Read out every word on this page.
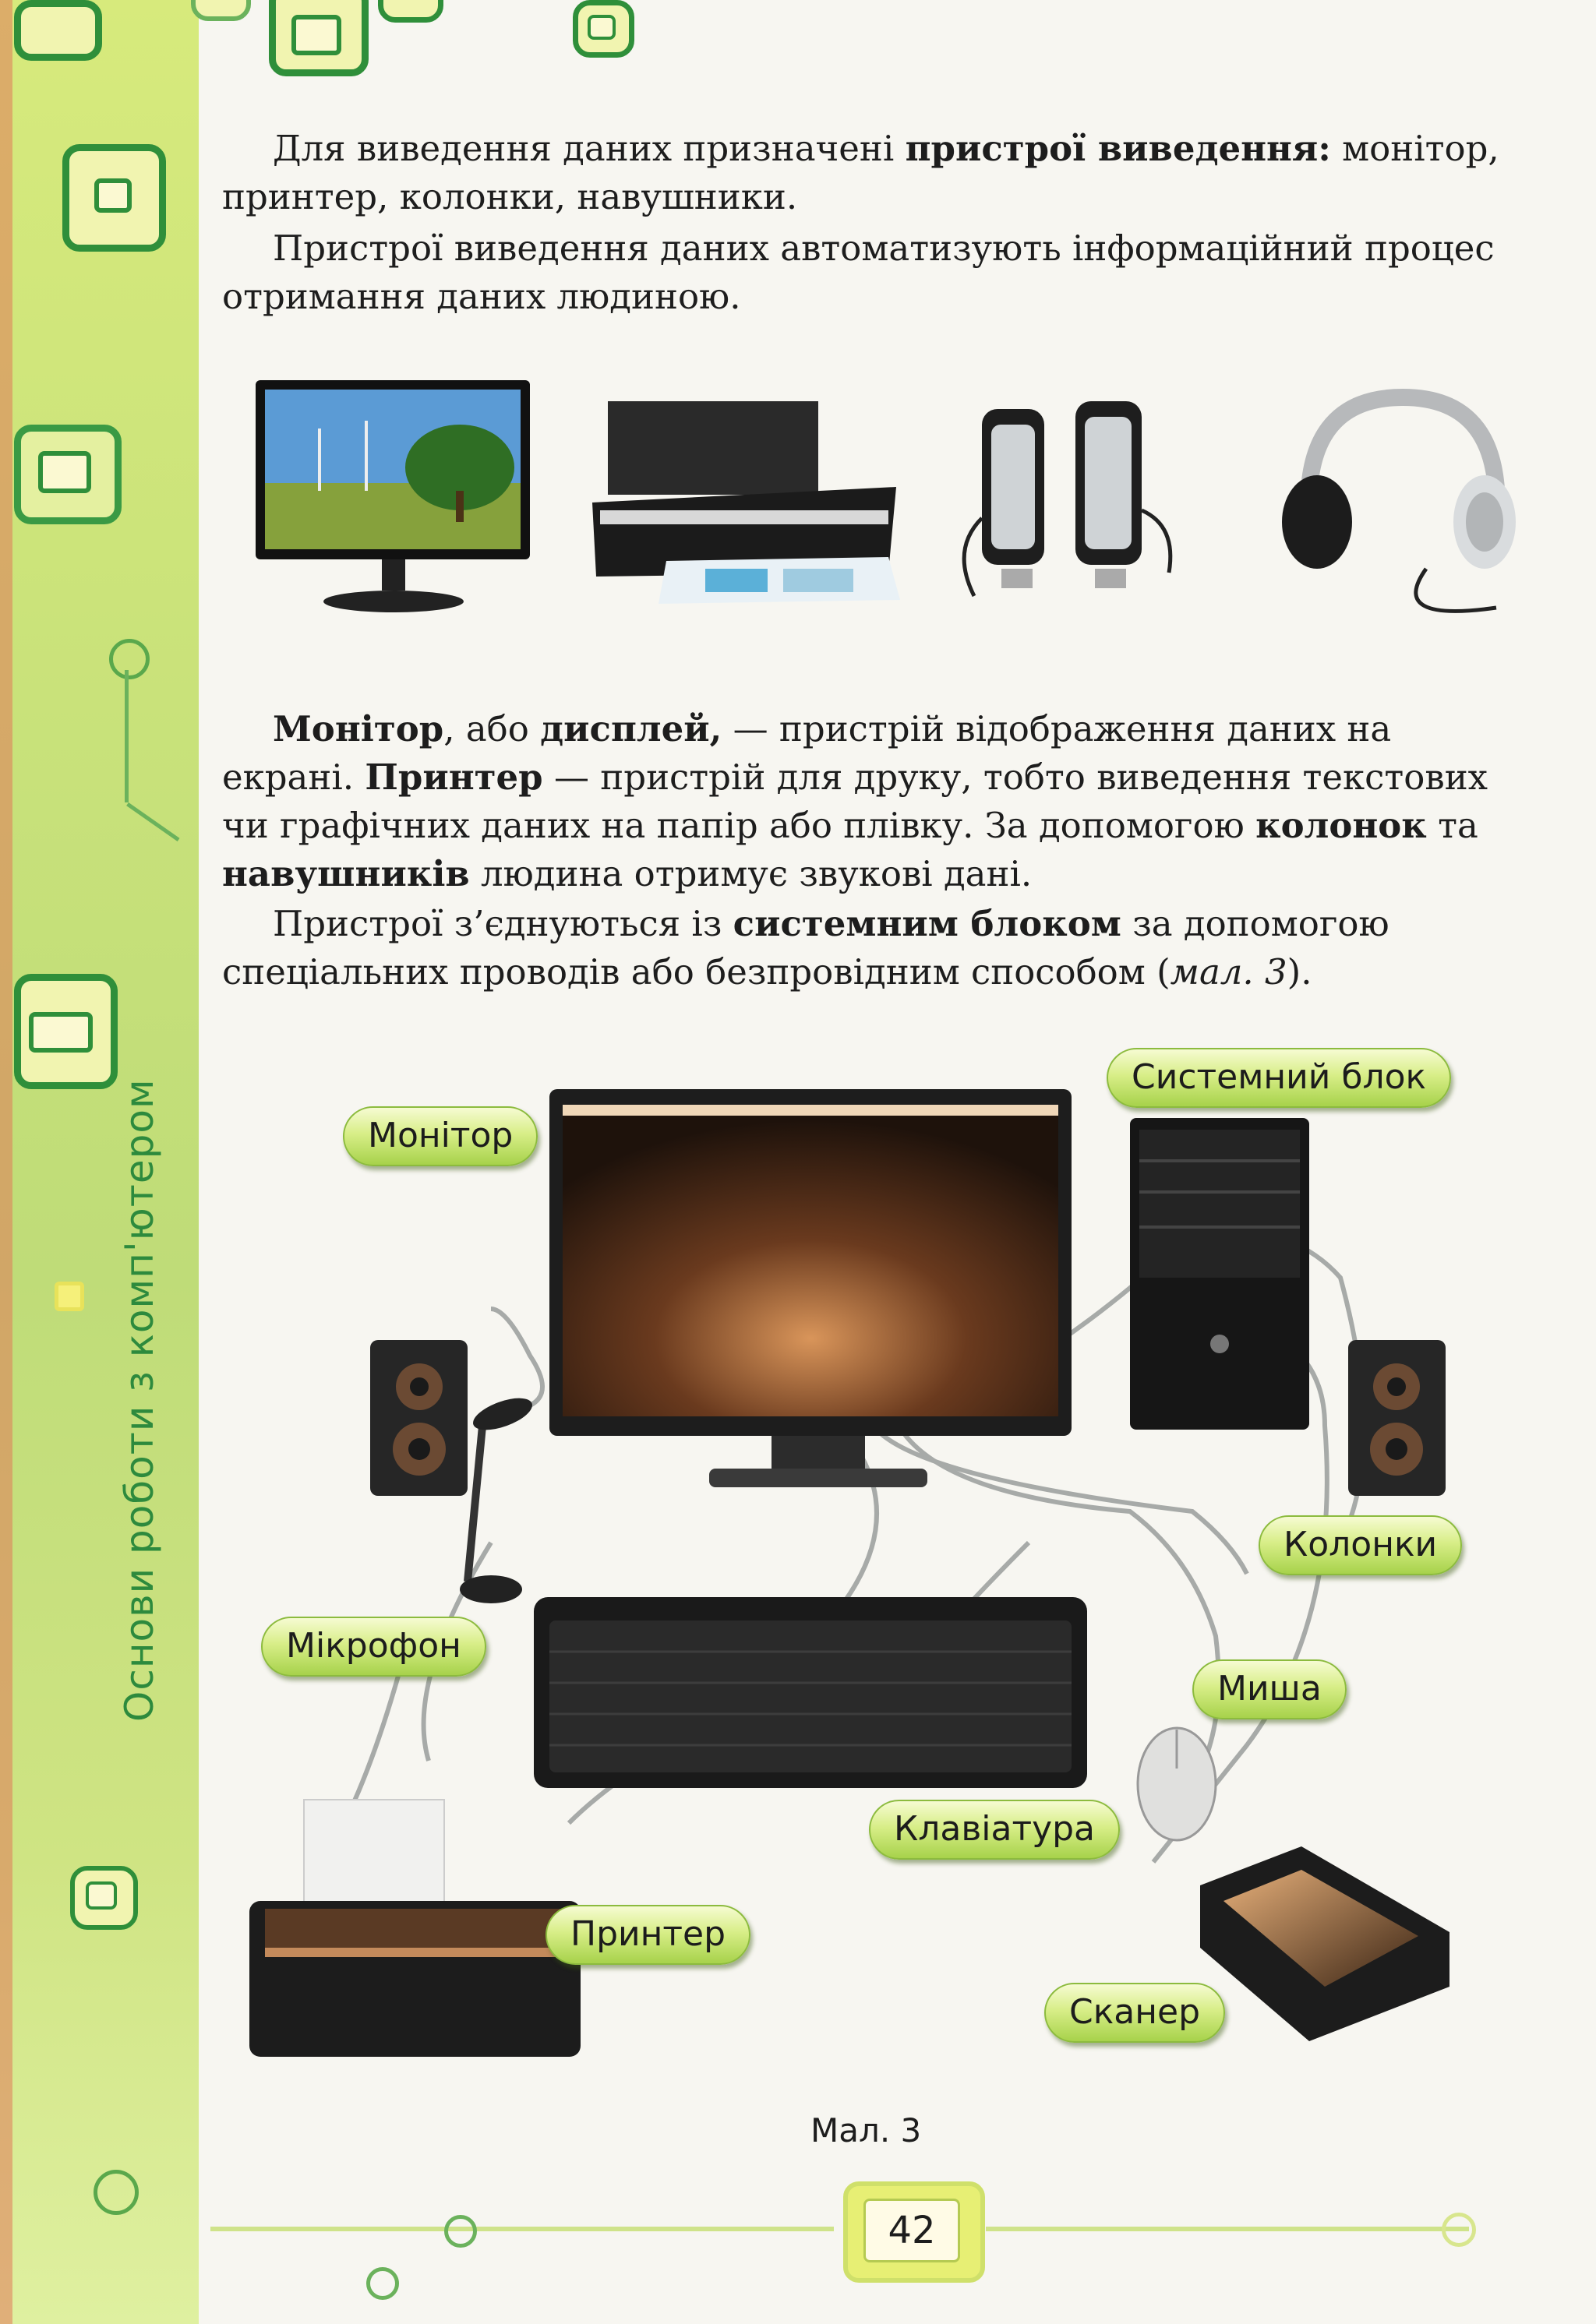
Основи роботи з комп'ютером

Для виведення даних призначені пристрої виведення: монітор, принтер, колонки, навушники.

Пристрої виведення даних автоматизують інформаційний процес отримання даних людиною.

Монітор, або дисплей, — пристрій відображення даних на екрані. Принтер — пристрій для друку, тобто виведення текстових чи графічних даних на папір або плівку. За допомогою колонок та навушників людина отримує звукові дані.

Пристрої з’єднуються із системним блоком за допомогою спеціальних проводів або безпровідним способом (мал. 3).

Монітор
Системний блок
Колонки
Мікрофон
Миша
Клавіатура
Принтер
Сканер
Мал. 3
42
